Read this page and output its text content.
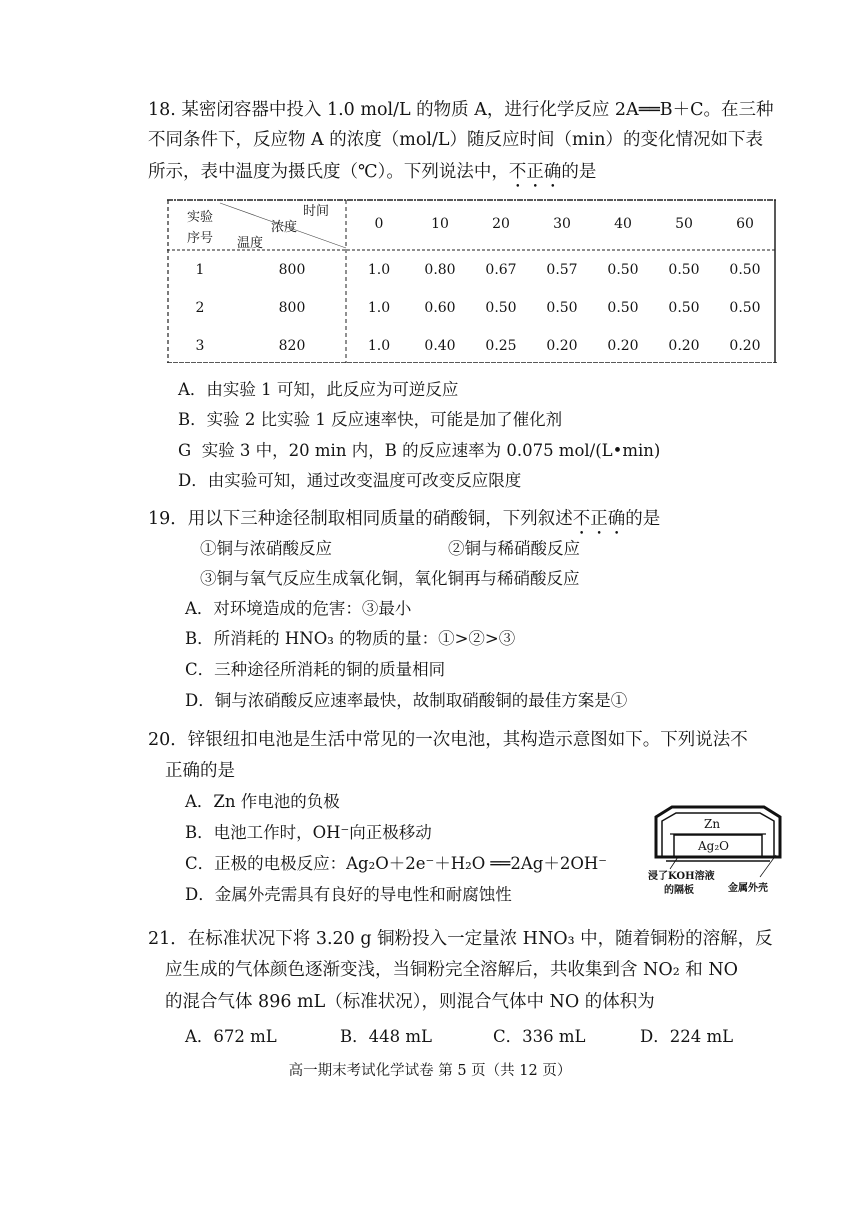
18. 某密闭容器中投入 1.0 mol/L 的物质 A，进行化学反应 2A══B＋C。在三种
不同条件下，反应物 A 的浓度（mol/L）随反应时间（min）的变化情况如下表
所示，表中温度为摄氏度（℃）。下列说法中，不正确的是
实验
序号
时间
浓度
温度
0	10	20	30	40	50	60
1	800	1.0	0.80	0.67	0.57	0.50	0.50	0.50
2	800	1.0	0.60	0.50	0.50	0.50	0.50	0.50
3	820	1.0	0.40	0.25	0.20	0.20	0.20	0.20
A．由实验 1 可知，此反应为可逆反应
B．实验 2 比实验 1 反应速率快，可能是加了催化剂
G 实验 3 中，20 min 内，B 的反应速率为 0.075 mol/(L•min)
D．由实验可知，通过改变温度可改变反应限度
19．用以下三种途径制取相同质量的硝酸铜，下列叙述不正确的是
①铜与浓硝酸反应	②铜与稀硝酸反应
③铜与氧气反应生成氧化铜，氧化铜再与稀硝酸反应
A．对环境造成的危害：③最小
B．所消耗的 HNO₃ 的物质的量：①>②>③
C．三种途径所消耗的铜的质量相同
D．铜与浓硝酸反应速率最快，故制取硝酸铜的最佳方案是①
20．锌银纽扣电池是生活中常见的一次电池，其构造示意图如下。下列说法不
正确的是
A．Zn 作电池的负极
B．电池工作时，OH⁻向正极移动
C．正极的电极反应：Ag₂O＋2e⁻＋H₂O ══2Ag＋2OH⁻
D．金属外壳需具有良好的导电性和耐腐蚀性
Zn
Ag₂O
浸了KOH溶液
的隔板	金属外壳
21．在标准状况下将 3.20 g 铜粉投入一定量浓 HNO₃ 中，随着铜粉的溶解，反
应生成的气体颜色逐渐变浅，当铜粉完全溶解后，共收集到含 NO₂ 和 NO
的混合气体 896 mL（标准状况），则混合气体中 NO 的体积为
A．672 mL	B．448 mL	C．336 mL	D．224 mL
高一期末考试化学试卷 第 5 页（共 12 页）
